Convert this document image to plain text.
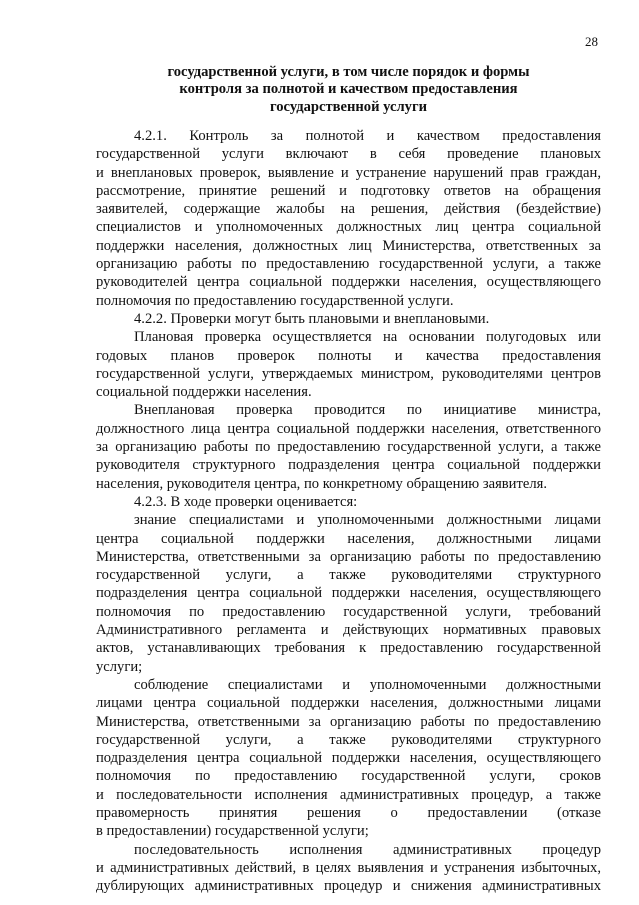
28
государственной услуги, в том числе порядок и формы
контроля за полнотой и качеством предоставления
государственной услуги
4.2.1. Контроль за полнотой и качеством предоставления
государственной услуги включают в себя проведение плановых
и внеплановых проверок, выявление и устранение нарушений прав граждан,
рассмотрение, принятие решений и подготовку ответов на обращения
заявителей, содержащие жалобы на решения, действия (бездействие)
специалистов и уполномоченных должностных лиц центра социальной
поддержки населения, должностных лиц Министерства, ответственных за
организацию работы по предоставлению государственной услуги, а также
руководителей центра социальной поддержки населения, осуществляющего
полномочия по предоставлению государственной услуги.
4.2.2. Проверки могут быть плановыми и внеплановыми.
Плановая проверка осуществляется на основании полугодовых или
годовых планов проверок полноты и качества предоставления
государственной услуги, утверждаемых министром, руководителями центров
социальной поддержки населения.
Внеплановая проверка проводится по инициативе министра,
должностного лица центра социальной поддержки населения, ответственного
за организацию работы по предоставлению государственной услуги, а также
руководителя структурного подразделения центра социальной поддержки
населения, руководителя центра, по конкретному обращению заявителя.
4.2.3. В ходе проверки оценивается:
знание специалистами и уполномоченными должностными лицами
центра социальной поддержки населения, должностными лицами
Министерства, ответственными за организацию работы по предоставлению
государственной услуги, а также руководителями структурного
подразделения центра социальной поддержки населения, осуществляющего
полномочия по предоставлению государственной услуги, требований
Административного регламента и действующих нормативных правовых
актов, устанавливающих требования к предоставлению государственной
услуги;
соблюдение специалистами и уполномоченными должностными
лицами центра социальной поддержки населения, должностными лицами
Министерства, ответственными за организацию работы по предоставлению
государственной услуги, а также руководителями структурного
подразделения центра социальной поддержки населения, осуществляющего
полномочия по предоставлению государственной услуги, сроков
и последовательности исполнения административных процедур, а также
правомерность принятия решения о предоставлении (отказе
в предоставлении) государственной услуги;
последовательность исполнения административных процедур
и административных действий, в целях выявления и устранения избыточных,
дублирующих административных процедур и снижения административных
